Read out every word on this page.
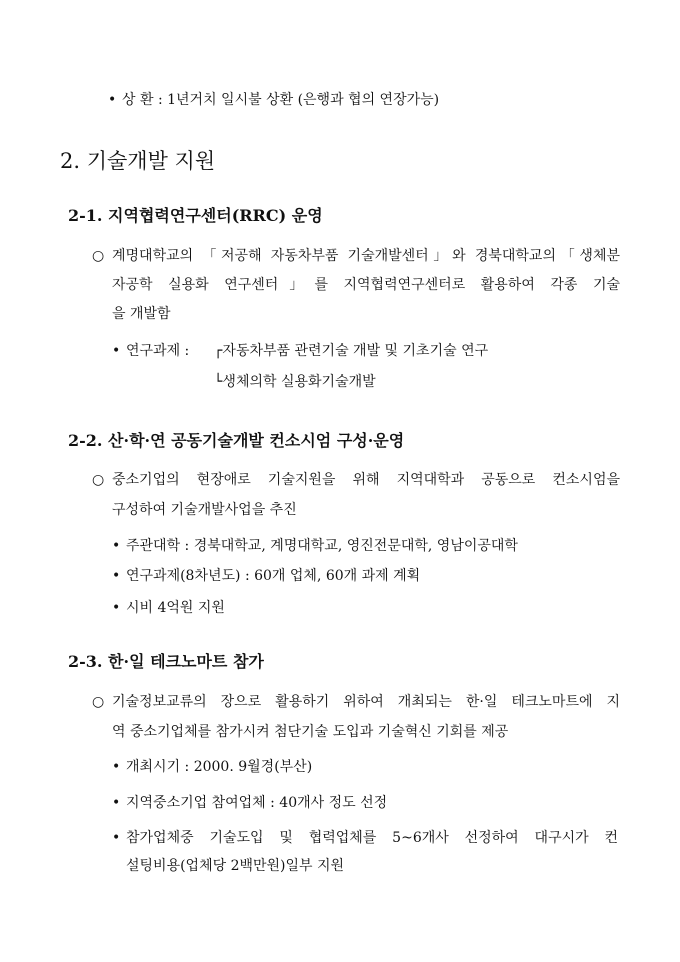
• 상 환 : 1년거치 일시불 상환 (은행과 협의 연장가능)
2. 기술개발 지원
2-1. 지역협력연구센터(RRC) 운영
○ 계명대학교의 「저공해 자동차부품 기술개발센터」와 경북대학교의「생체분
자공학 실용화 연구센터」를 지역협력연구센터로 활용하여 각종 기술
을 개발함
• 연구과제 : ┌자동차부품 관련기술 개발 및 기초기술 연구
└생체의학 실용화기술개발
2-2. 산·학·연 공동기술개발 컨소시엄 구성·운영
○ 중소기업의 현장애로 기술지원을 위해 지역대학과 공동으로 컨소시엄을
구성하여 기술개발사업을 추진
• 주관대학 : 경북대학교, 계명대학교, 영진전문대학, 영남이공대학
• 연구과제(8차년도) : 60개 업체, 60개 과제 계획
• 시비 4억원 지원
2-3. 한·일 테크노마트 참가
○ 기술정보교류의 장으로 활용하기 위하여 개최되는 한·일 테크노마트에 지
역 중소기업체를 참가시켜 첨단기술 도입과 기술혁신 기회를 제공
• 개최시기 : 2000. 9월경(부산)
• 지역중소기업 참여업체 : 40개사 정도 선정
• 참가업체중 기술도입 및 협력업체를 5~6개사 선정하여 대구시가 컨
설팅비용(업체당 2백만원)일부 지원
